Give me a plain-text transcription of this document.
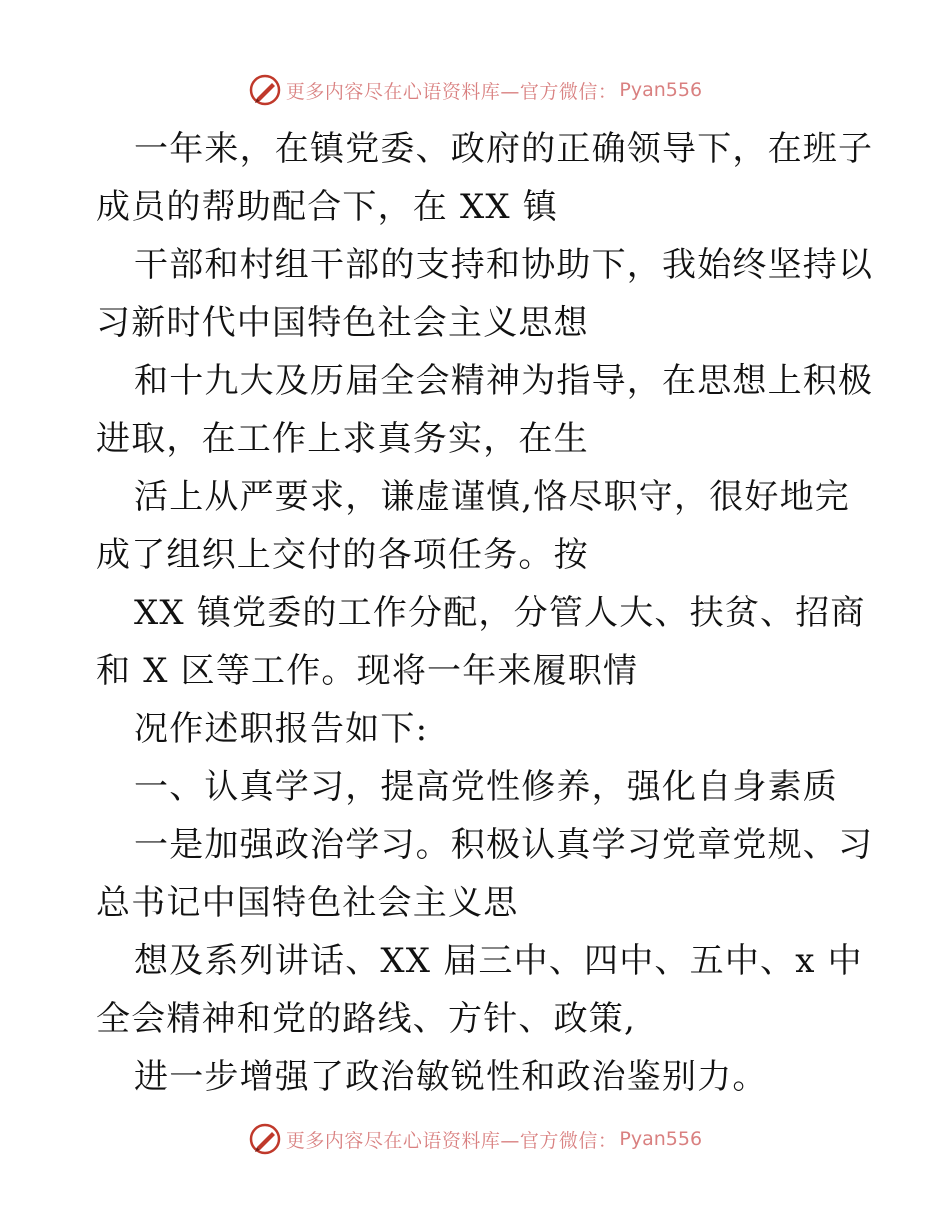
更多内容尽在心语资料库—官方微信： Pyan556
一年来，在镇党委、政府的正确领导下，在班子
成员的帮助配合下，在 XX 镇
干部和村组干部的支持和协助下，我始终坚持以
习新时代中国特色社会主义思想
和十九大及历届全会精神为指导，在思想上积极
进取，在工作上求真务实，在生
活上从严要求，谦虚谨慎,恪尽职守，很好地完
成了组织上交付的各项任务。按
XX 镇党委的工作分配，分管人大、扶贫、招商
和 X 区等工作。现将一年来履职情
况作述职报告如下:
一、认真学习，提高党性修养，强化自身素质
一是加强政治学习。积极认真学习党章党规、习
总书记中国特色社会主义思
想及系列讲话、XX 届三中、四中、五中、x 中
全会精神和党的路线、方针、政策,
进一步增强了政治敏锐性和政治鉴别力。
更多内容尽在心语资料库—官方微信： Pyan556
